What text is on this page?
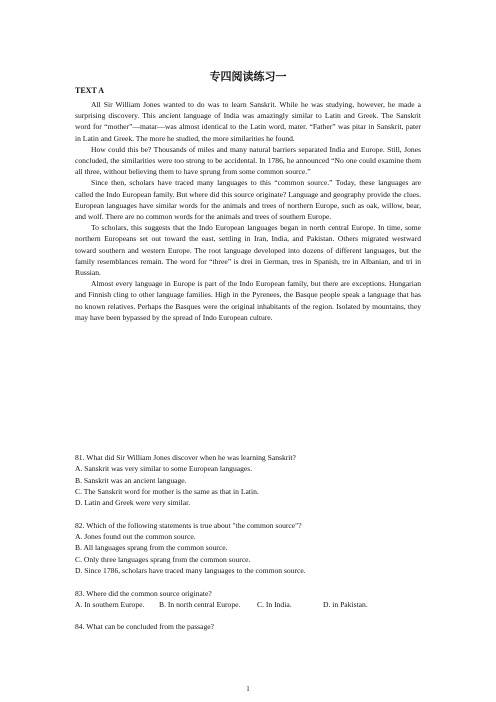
专四阅读练习一
TEXT A

All Sir William Jones wanted to do was to learn Sanskrit. While he was studying, however, he made a surprising discovery. This ancient language of India was amazingly similar to Latin and Greek. The Sanskrit word for “mother”—matar—was almost identical to the Latin word, mater. “Father” was pitar in Sanskrit, pater in Latin and Greek. The more he studied, the more similarities he found.

How could this be? Thousands of miles and many natural barriers separated India and Europe. Still, Jones concluded, the similarities were too strong to be accidental. In 1786, he announced “No one could examine them all three, without believing them to have sprung from some common source.”

Since then, scholars have traced many languages to this “common source.” Today, these languages are called the Indo European family. But where did this source originate? Language and geography provide the clues. European languages have similar words for the animals and trees of northern Europe, such as oak, willow, bear, and wolf. There are no common words for the animals and trees of southern Europe.

To scholars, this suggests that the Indo European languages began in north central Europe. In time, some northern Europeans set out toward the east, settling in Iran, India, and Pakistan. Others migrated westward toward southern and western Europe. The root language developed into dozens of different languages, but the family resemblances remain. The word for “three” is drei in German, tres in Spanish, tre in Albanian, and tri in Russian.

Almost every language in Europe is part of the Indo European family, but there are exceptions. Hungarian and Finnish cling to other language families. High in the Pyrenees, the Basque people speak a language that has no known relatives. Perhaps the Basques were the original inhabitants of the region. Isolated by mountains, they may have been bypassed by the spread of Indo European culture.

81. What did Sir William Jones discover when he was learning Sanskrit?

A. Sanskrit was very similar to some European languages.

B. Sanskrit was an ancient language.

C. The Sanskrit word for mother is the same as that in Latin.

D. Latin and Greek were very similar.

82. Which of the following statements is true about "the common source"?

A. Jones found out the common source.

B. All languages sprang from the common source.

C. Only three languages sprang from the common source.

D. Since 1786, scholars have traced many languages to the common source.

83. Where did the common source originate?

A. In southern Europe.	B. In north central Europe.	C. In India.	D. in Pakistan.

84. What can be concluded from the passage?

1
